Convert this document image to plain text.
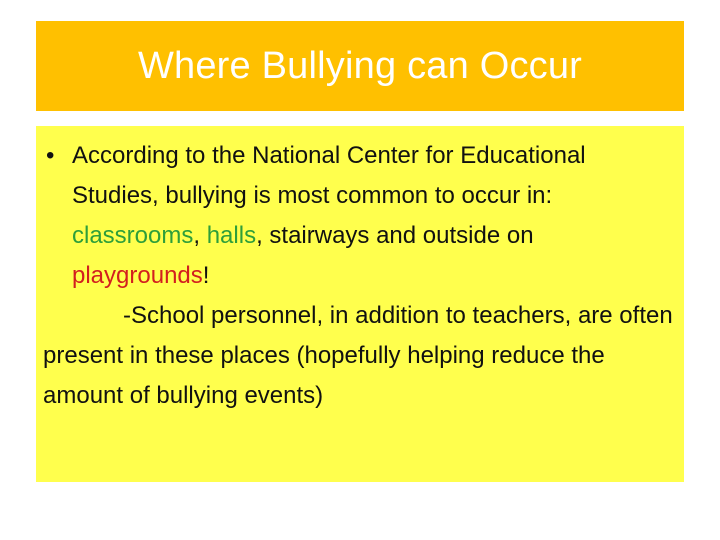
Where Bullying can Occur
• According to the National Center for Educational Studies, bullying is most common to occur in: classrooms, halls, stairways and outside on playgrounds!
-School personnel, in addition to teachers, are often present in these places (hopefully helping reduce the amount of bullying events)
